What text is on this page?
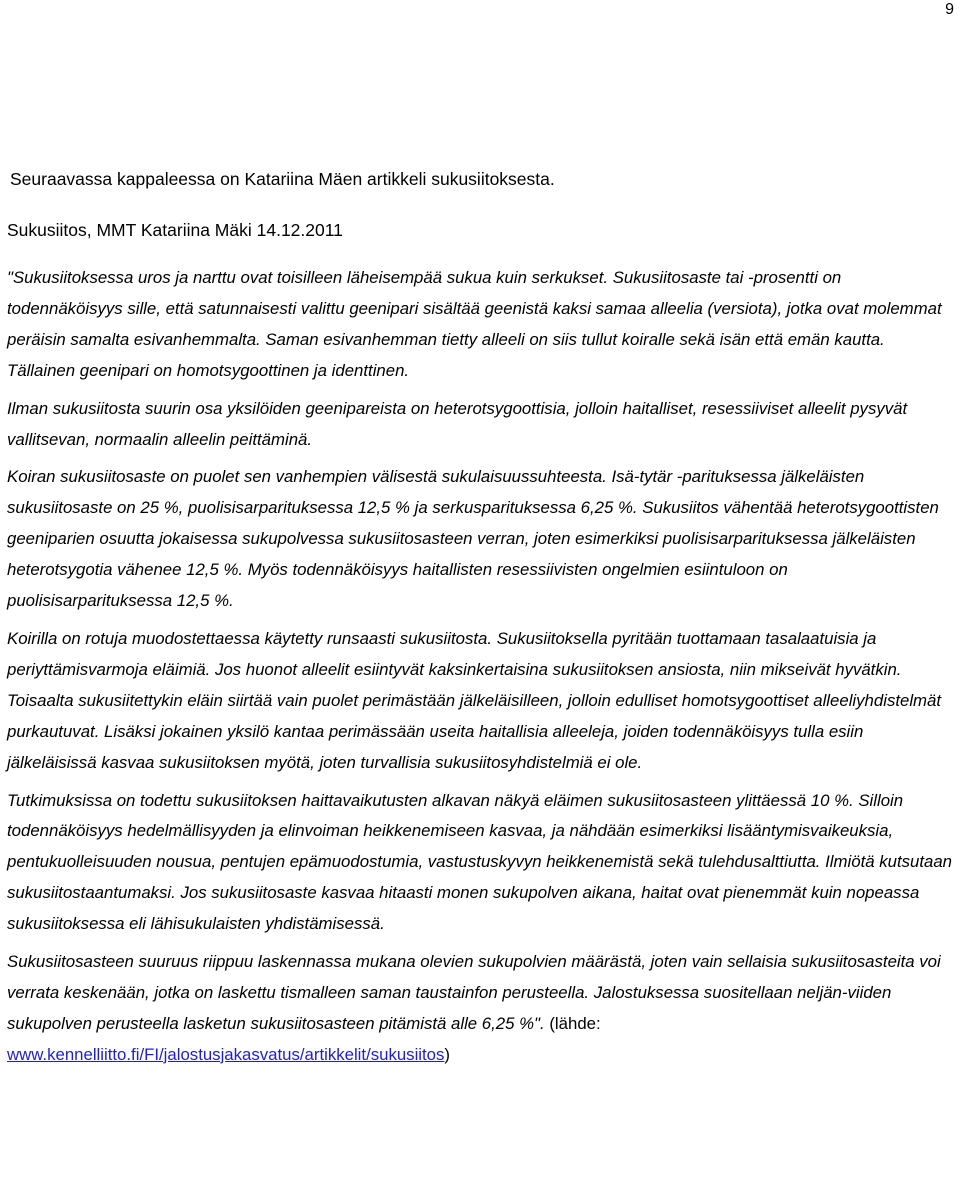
9
Seuraavassa kappaleessa on Katariina Mäen artikkeli sukusiitoksesta.
Sukusiitos, MMT Katariina Mäki 14.12.2011

"Sukusiitoksessa uros ja narttu ovat toisilleen läheisempää sukua kuin serkukset. Sukusiitosaste tai -prosentti on todennäköisyys sille, että satunnaisesti valittu geenipari sisältää geenistä kaksi samaa alleelia (versiota), jotka ovat molemmat peräisin samalta esivanhemmalta. Saman esivanhemman tietty alleeli on siis tullut koiralle sekä isän että emän kautta. Tällainen geenipari on homotsygoottinen ja identtinen.

Ilman sukusiitosta suurin osa yksilöiden geenipareista on heterotsygoottisia, jolloin haitalliset, resessiiviset alleelit pysyvät vallitsevan, normaalin alleelin peittäminä.

Koiran sukusiitosaste on puolet sen vanhempien välisestä sukulaisuussuhteesta. Isä-tytär -parituksessa jälkeläisten sukusiitosaste on 25 %, puolisisarparituksessa 12,5 % ja serkusparituksessa 6,25 %. Sukusiitos vähentää heterotsygoottisten geeniparien osuutta jokaisessa sukupolvessa sukusiitosasteen verran, joten esimerkiksi puolisisarparituksessa jälkeläisten heterotsygotia vähenee 12,5 %. Myös todennäköisyys haitallisten resessiivisten ongelmien esiintuloon on puolisisarparituksessa 12,5 %.

Koirilla on rotuja muodostettaessa käytetty runsaasti sukusiitosta. Sukusiitoksella pyritään tuottamaan tasalaatuisia ja periyttämisvarmoja eläimiä. Jos huonot alleelit esiintyvät kaksinkertaisina sukusiitoksen ansiosta, niin mikseivät hyvätkin. Toisaalta sukusiitettykin eläin siirtää vain puolet perimästään jälkeläisilleen, jolloin edulliset homotsygoottiset alleeliyhdistelmät purkautuvat. Lisäksi jokainen yksilö kantaa perimässään useita haitallisia alleeleja, joiden todennäköisyys tulla esiin jälkeläisissä kasvaa sukusiitoksen myötä, joten turvallisia sukusiitosyhdistelmiä ei ole.

Tutkimuksissa on todettu sukusiitoksen haittavaikutusten alkavan näkyä eläimen sukusiitosasteen ylittäessä 10 %. Silloin todennäköisyys hedelmällisyyden ja elinvoiman heikkenemiseen kasvaa, ja nähdään esimerkiksi lisääntymisvaikeuksia, pentukuolleisuuden nousua, pentujen epämuodostumia, vastustuskyvyn heikkenemistä sekä tulehdusalttiutta. Ilmiötä kutsutaan sukusiitostaantumaksi. Jos sukusiitosaste kasvaa hitaasti monen sukupolven aikana, haitat ovat pienemmät kuin nopeassa sukusiitoksessa eli lähisukulaisten yhdistämisessä.

Sukusiitosasteen suuruus riippuu laskennassa mukana olevien sukupolvien määrästä, joten vain sellaisia sukusiitosasteita voi verrata keskenään, jotka on laskettu tismalleen saman taustainfon perusteella. Jalostuksessa suositellaan neljän-viiden sukupolven perusteella lasketun sukusiitosasteen pitämistä alle 6,25 %". (lähde: www.kennelliitto.fi/FI/jalostusjakasvatus/artikkelit/sukusiitos)
